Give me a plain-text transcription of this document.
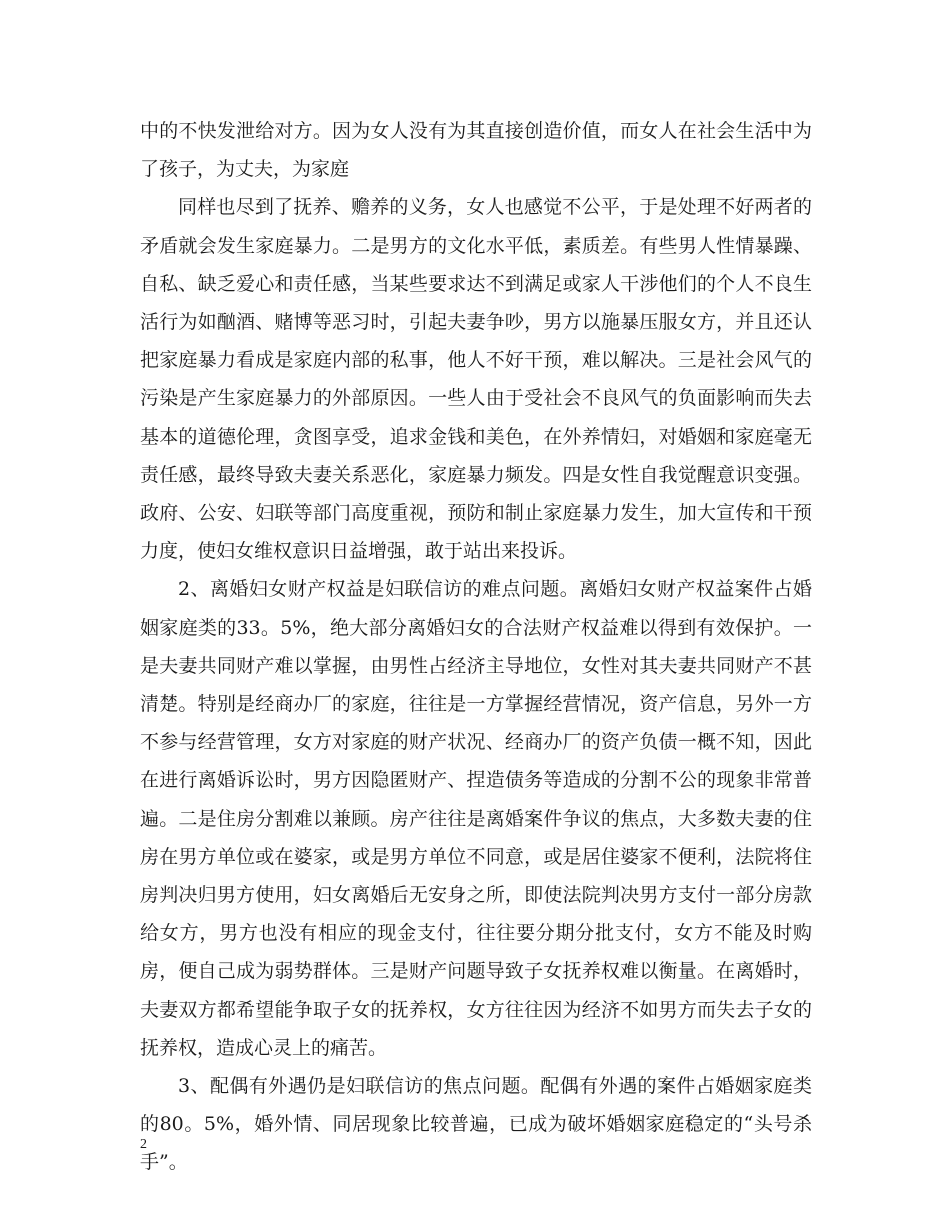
中的不快发泄给对方。因为女人没有为其直接创造价值，而女人在社会生活中为了孩子，为丈夫，为家庭

同样也尽到了抚养、赡养的义务，女人也感觉不公平，于是处理不好两者的矛盾就会发生家庭暴力。二是男方的文化水平低，素质差。有些男人性情暴躁、自私、缺乏爱心和责任感，当某些要求达不到满足或家人干涉他们的个人不良生活行为如酗酒、赌博等恶习时，引起夫妻争吵，男方以施暴压服女方，并且还认把家庭暴力看成是家庭内部的私事，他人不好干预，难以解决。三是社会风气的污染是产生家庭暴力的外部原因。一些人由于受社会不良风气的负面影响而失去基本的道德伦理，贪图享受，追求金钱和美色，在外养情妇，对婚姻和家庭毫无责任感，最终导致夫妻关系恶化，家庭暴力频发。四是女性自我觉醒意识变强。政府、公安、妇联等部门高度重视，预防和制止家庭暴力发生，加大宣传和干预力度，使妇女维权意识日益增强，敢于站出来投诉。

2、离婚妇女财产权益是妇联信访的难点问题。离婚妇女财产权益案件占婚姻家庭类的33。5%，绝大部分离婚妇女的合法财产权益难以得到有效保护。一是夫妻共同财产难以掌握，由男性占经济主导地位，女性对其夫妻共同财产不甚清楚。特别是经商办厂的家庭，往往是一方掌握经营情况，资产信息，另外一方不参与经营管理，女方对家庭的财产状况、经商办厂的资产负债一概不知，因此在进行离婚诉讼时，男方因隐匿财产、捏造债务等造成的分割不公的现象非常普遍。二是住房分割难以兼顾。房产往往是离婚案件争议的焦点，大多数夫妻的住房在男方单位或在婆家，或是男方单位不同意，或是居住婆家不便利，法院将住房判决归男方使用，妇女离婚后无安身之所，即使法院判决男方支付一部分房款给女方，男方也没有相应的现金支付，往往要分期分批支付，女方不能及时购房，便自己成为弱势群体。三是财产问题导致子女抚养权难以衡量。在离婚时，夫妻双方都希望能争取子女的抚养权，女方往往因为经济不如男方而失去子女的抚养权，造成心灵上的痛苦。

3、配偶有外遇仍是妇联信访的焦点问题。配偶有外遇的案件占婚姻家庭类的80。5%，婚外情、同居现象比较普遍，已成为破坏婚姻家庭稳定的“头号杀手”。

2
